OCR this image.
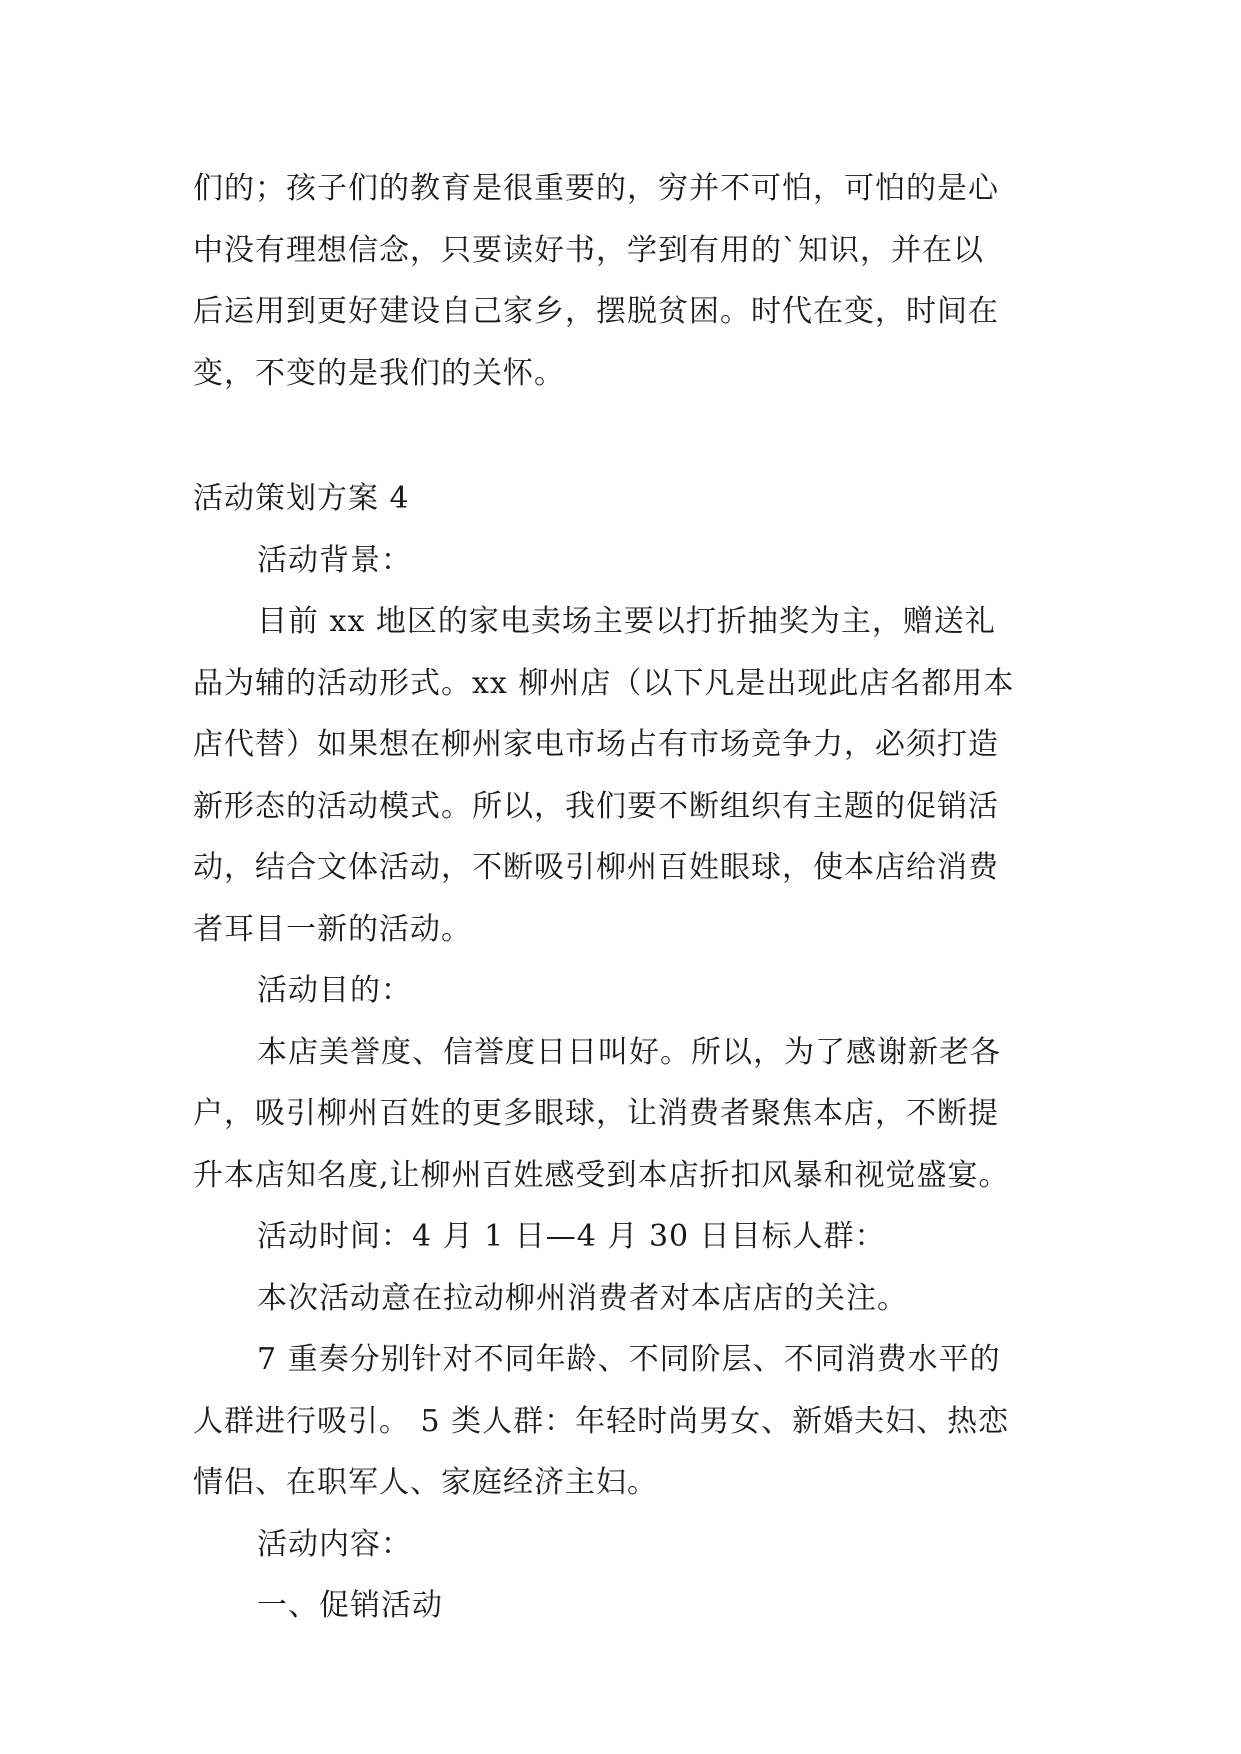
们的；孩子们的教育是很重要的，穷并不可怕，可怕的是心
中没有理想信念，只要读好书，学到有用的`知识，并在以
后运用到更好建设自己家乡，摆脱贫困。时代在变，时间在
变，不变的是我们的关怀。
活动策划方案 4
活动背景：
目前 xx 地区的家电卖场主要以打折抽奖为主，赠送礼
品为辅的活动形式。xx 柳州店（以下凡是出现此店名都用本
店代替）如果想在柳州家电市场占有市场竞争力，必须打造
新形态的活动模式。所以，我们要不断组织有主题的促销活
动，结合文体活动，不断吸引柳州百姓眼球，使本店给消费
者耳目一新的活动。
活动目的：
本店美誉度、信誉度日日叫好。所以，为了感谢新老各
户，吸引柳州百姓的更多眼球，让消费者聚焦本店，不断提
升本店知名度,让柳州百姓感受到本店折扣风暴和视觉盛宴。
活动时间：4 月 1 日—4 月 30 日目标人群：
本次活动意在拉动柳州消费者对本店店的关注。
7 重奏分别针对不同年龄、不同阶层、不同消费水平的
人群进行吸引。 5 类人群：年轻时尚男女、新婚夫妇、热恋
情侣、在职军人、家庭经济主妇。
活动内容：
一、促销活动
